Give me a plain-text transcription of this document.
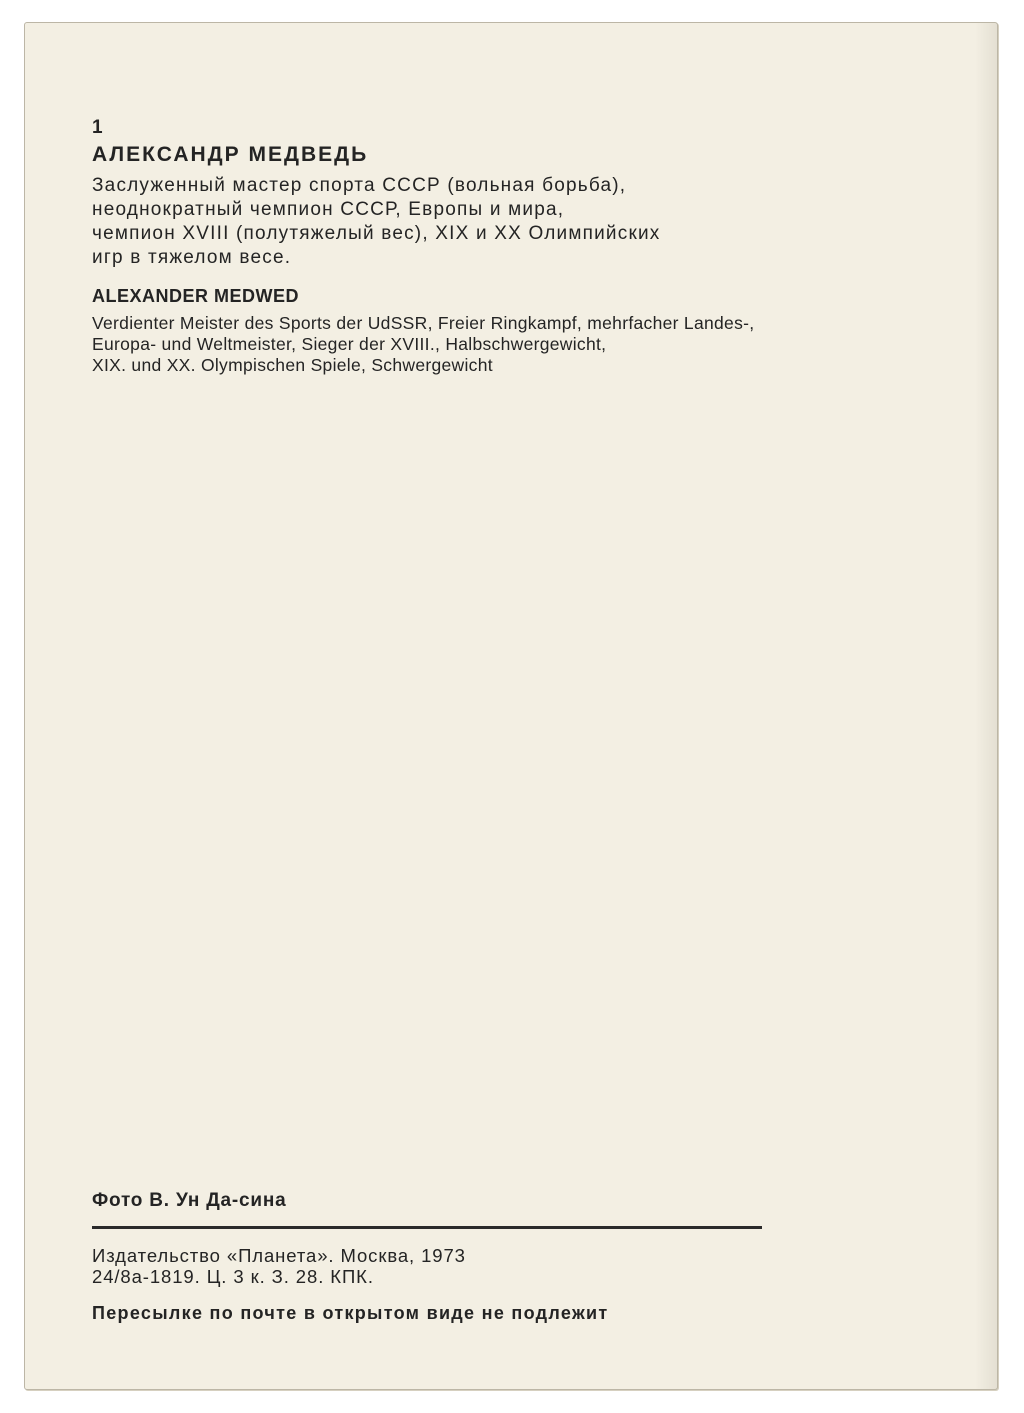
1
АЛЕКСАНДР МЕДВЕДЬ
Заслуженный мастер спорта СССР (вольная борьба),
неоднократный чемпион СССР, Европы и мира,
чемпион XVIII (полутяжелый вес), XIX и XX Олимпийских
игр в тяжелом весе.
ALEXANDER MEDWED
Verdienter Meister des Sports der UdSSR, Freier Ringkampf, mehrfacher Landes-,
Europa- und Weltmeister, Sieger der XVIII., Halbschwergewicht,
XIX. und XX. Olympischen Spiele, Schwergewicht
Фото В. Ун Да-сина
Издательство «Планета». Москва, 1973
24/8а-1819. Ц. 3 к. З. 28. КПК.
Пересылке по почте в открытом виде не подлежит
